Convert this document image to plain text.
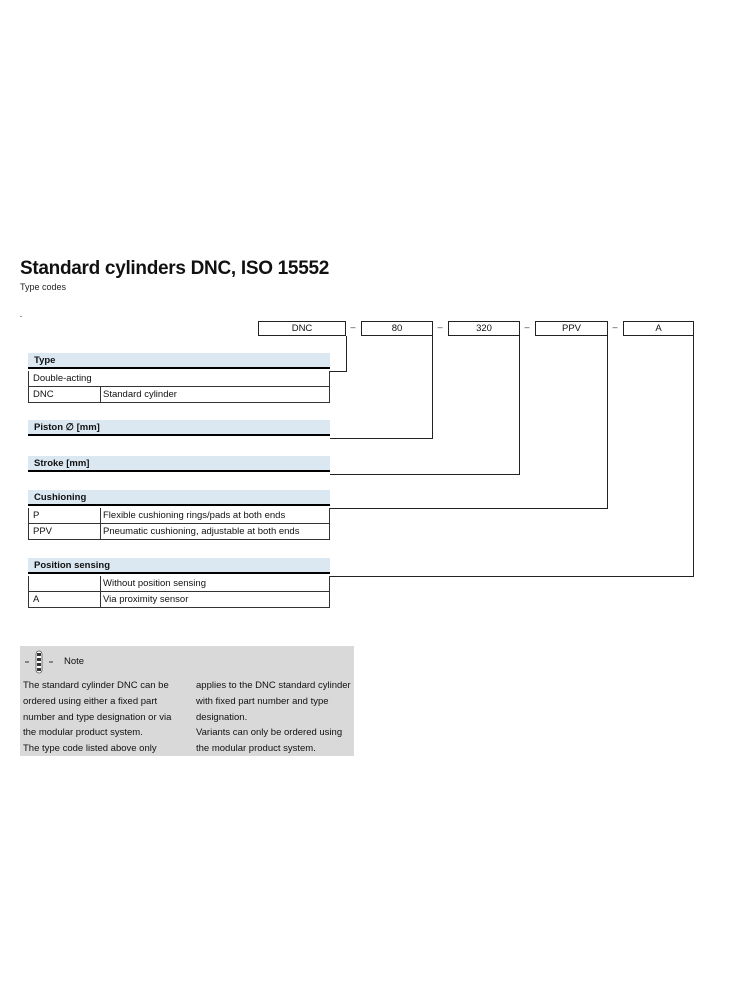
Standard cylinders DNC, ISO 15552
Type codes
DNC	–	80	–	320	–	PPV	–	A
Type
Double-acting
DNC	Standard cylinder
Piston ∅ [mm]
Stroke [mm]
Cushioning
P	Flexible cushioning rings/pads at both ends
PPV	Pneumatic cushioning, adjustable at both ends
Position sensing
Without position sensing
A	Via proximity sensor
Note
The standard cylinder DNC can be
ordered using either a fixed part
number and type designation or via
the modular product system.
The type code listed above only
applies to the DNC standard cylinder
with fixed part number and type
designation.
Variants can only be ordered using
the modular product system.
